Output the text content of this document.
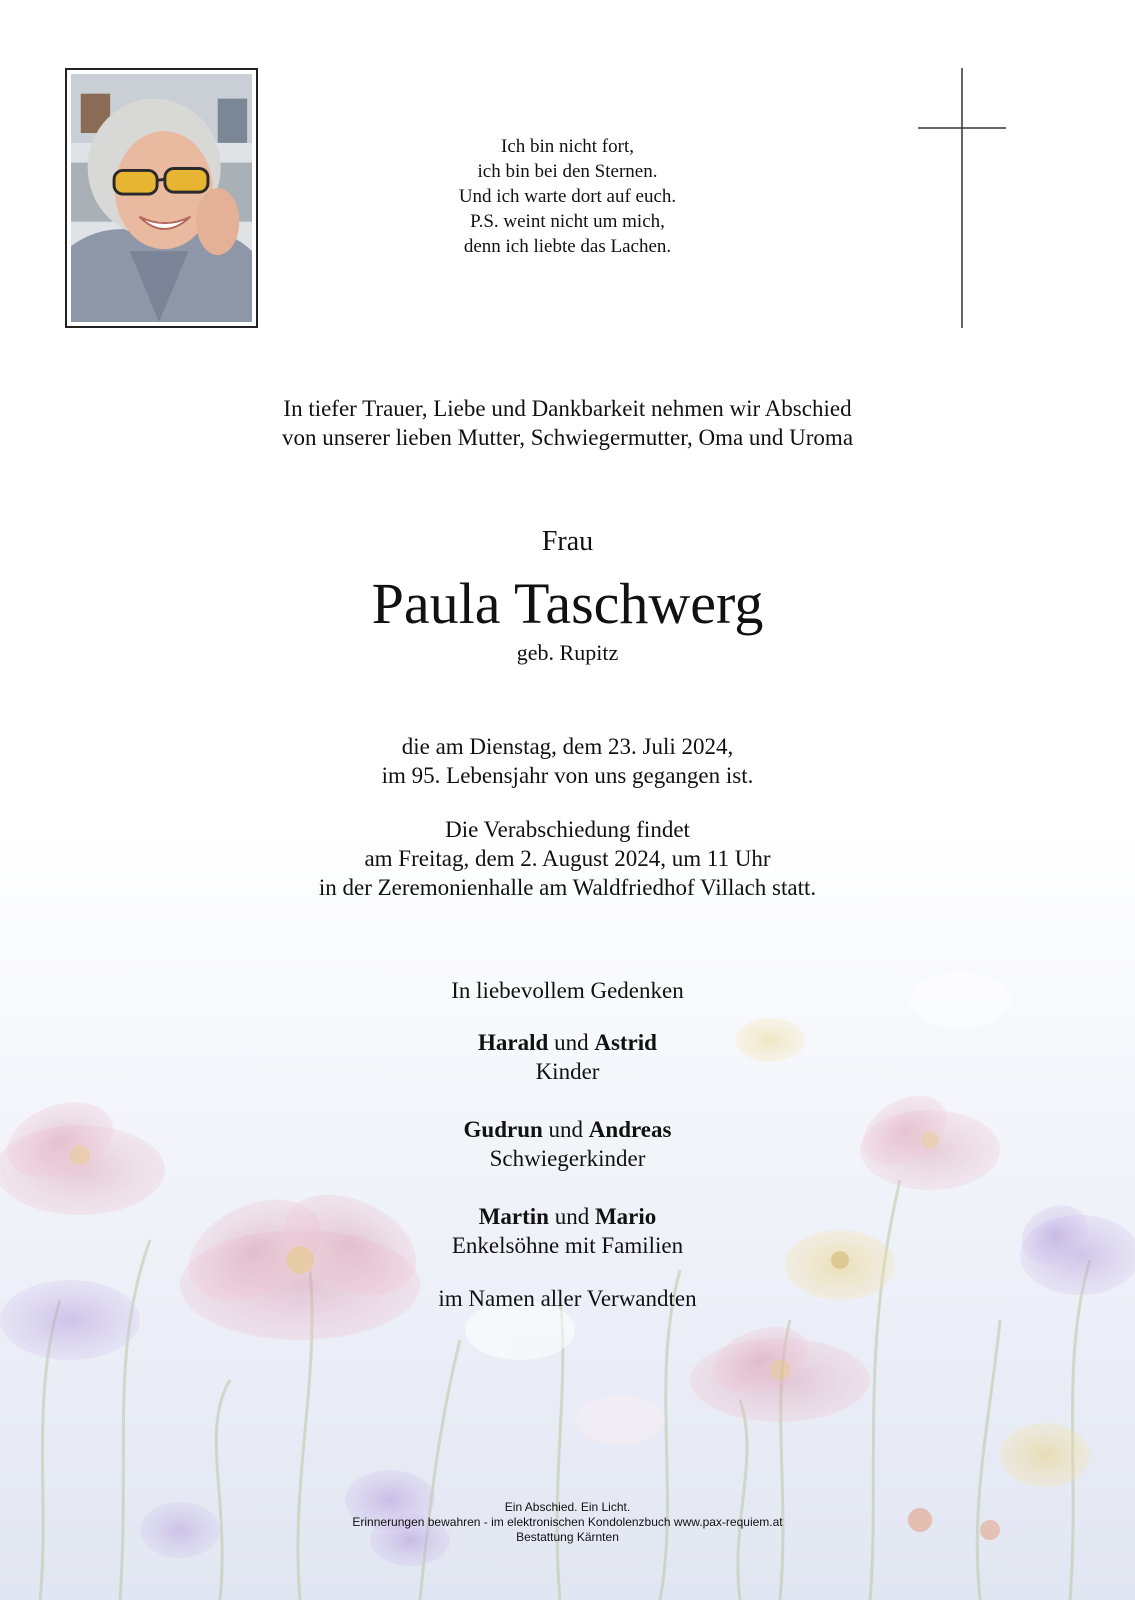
Ich bin nicht fort,
ich bin bei den Sternen.
Und ich warte dort auf euch.
P.S. weint nicht um mich,
denn ich liebte das Lachen.
In tiefer Trauer, Liebe und Dankbarkeit nehmen wir Abschied
von unserer lieben Mutter, Schwiegermutter, Oma und Uroma
Frau
Paula Taschwerg
geb. Rupitz
die am Dienstag, dem 23. Juli 2024,
im 95. Lebensjahr von uns gegangen ist.
Die Verabschiedung findet
am Freitag, dem 2. August 2024, um 11 Uhr
in der Zeremonienhalle am Waldfriedhof Villach statt.
In liebevollem Gedenken
Harald und Astrid
Kinder
Gudrun und Andreas
Schwiegerkinder
Martin und Mario
Enkelsöhne mit Familien
im Namen aller Verwandten
Ein Abschied. Ein Licht.
Erinnerungen bewahren - im elektronischen Kondolenzbuch www.pax-requiem.at
Bestattung Kärnten
